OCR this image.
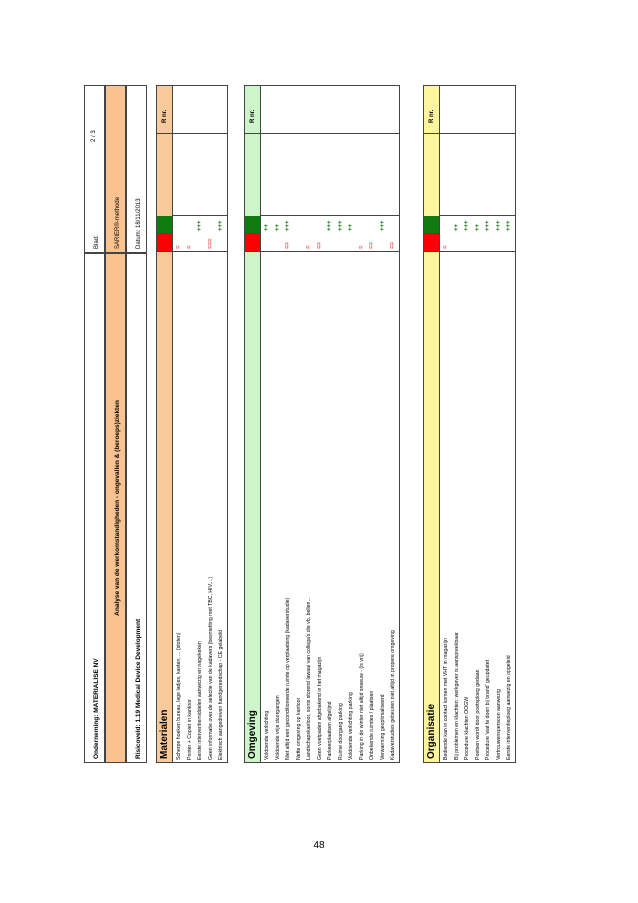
Onderneming: MATERIALISE NV
Blad:
2 / 3
Analyse van de werkomstandigheden - ongevallen & (beroeps)ziekten
SARIER®-methode
Risicoveld: 1.19 Medical Device Development
Datum: 18/11/2013
Materialen
R nr.
Scherpe hoeken bureau, lage ladjes, kasten, ... (stoten)
=
Printer + Copier in kantoor
=
Eerste interventiemiddelen aanwezig en nagekeken
+++
Geen informatie over de selectie van de kadavers (besmetting met TBC, HIV,...)
===
Elektrisch aangedreven handgereedschap - CE gelabeld
+++
Omgeving
R nr.
Voldoende verlichting
++
Voldoende vrije doorgangen
++
Niet altijd een geconditioneerde ruimte op verplaatsing (kadaverstudie)
==
+++
Nette omgeving op kantoor Landschapskantoor, soms storend lawaai van collega's die vb. bellen...
=
Geen voetpaden afgebakend in het magazijn
==
Parkeerplaatsen afgelijnd
+++
Ruime doorgang parking
+++
Voldoende verlichting parking
++
Parking in de winter niet altijd sneeuw - (is vrij)
=
Onbekende ruimtes / plaatsen
==
Verwarming geoptimaliseerd
+++
Kadaverstudies gebeuren niet altijd in propere omgeving
==
Organisatie
R nr.
Bediende kan in contact komen met VHT in magazijn
=
Bij problemen en klachten: werkgever is aanspreekbaar
++
Procedure klachten OOGW
+++
Poetsen wordt door poetsploeg gedaan
++
Procedure 'wat te doen bij brand' geupdatet
+++
Vertrouwenspersoon aanwezig
+++
Eerste interventieploeg aanwezig en opgeleid
+++
48
